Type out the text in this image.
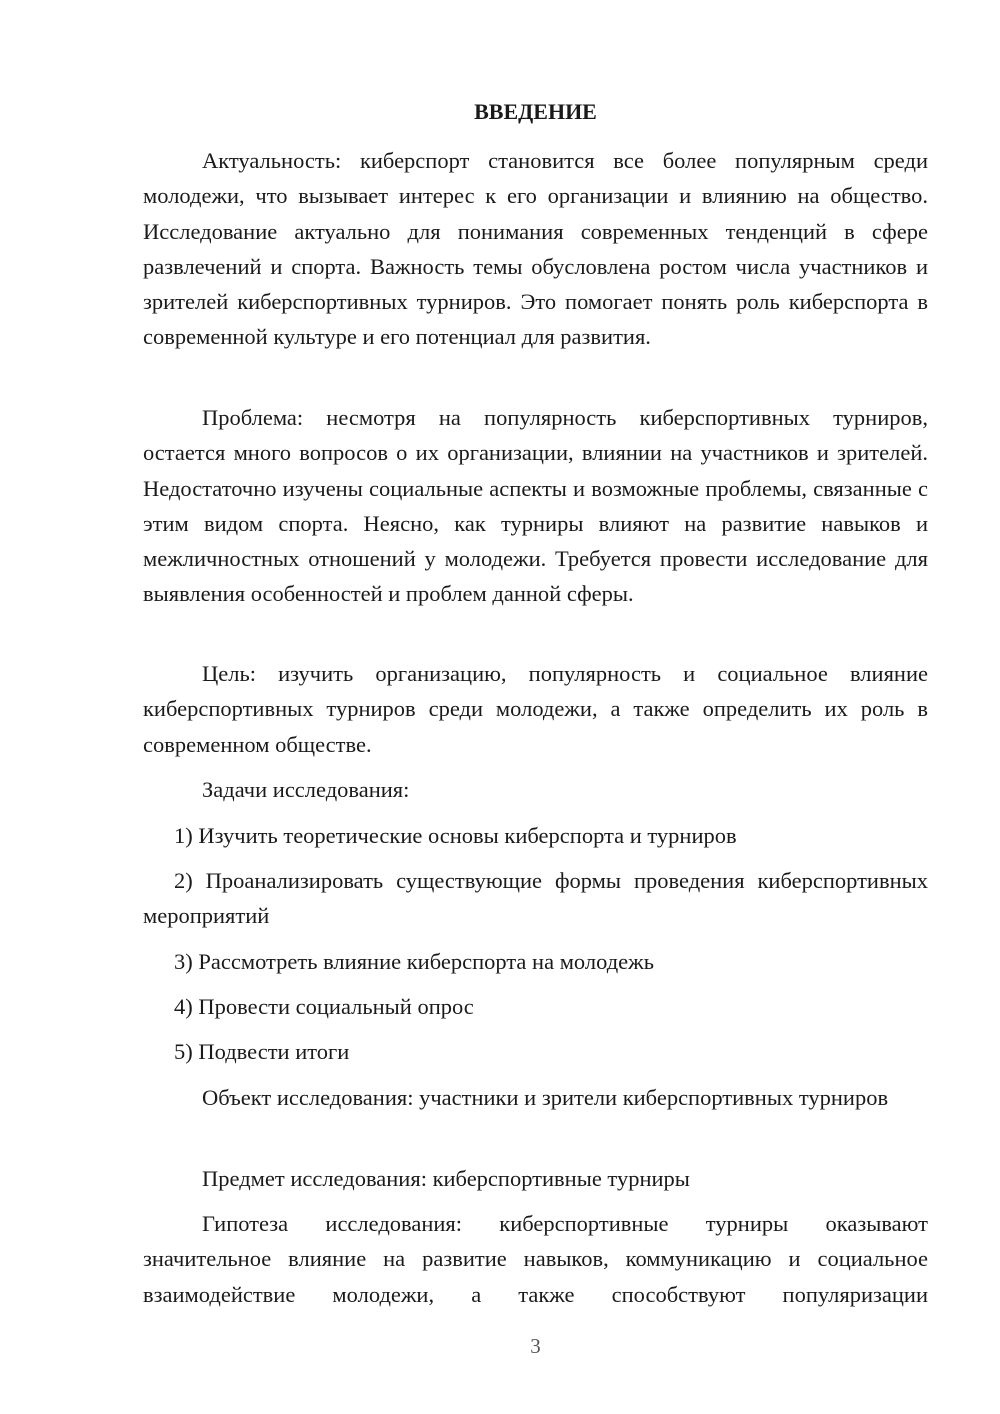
ВВЕДЕНИЕ

Актуальность: киберспорт становится все более популярным среди молодежи, что вызывает интерес к его организации и влиянию на общество. Исследование актуально для понимания современных тенденций в сфере развлечений и спорта. Важность темы обусловлена ростом числа участников и зрителей киберспортивных турниров. Это помогает понять роль киберспорта в современной культуре и его потенциал для развития.

Проблема: несмотря на популярность киберспортивных турниров, остается много вопросов о их организации, влиянии на участников и зрителей. Недостаточно изучены социальные аспекты и возможные проблемы, связанные с этим видом спорта. Неясно, как турниры влияют на развитие навыков и межличностных отношений у молодежи. Требуется провести исследование для выявления особенностей и проблем данной сферы.

Цель: изучить организацию, популярность и социальное влияние киберспортивных турниров среди молодежи, а также определить их роль в современном обществе.

Задачи исследования:

1) Изучить теоретические основы киберспорта и турниров

2) Проанализировать существующие формы проведения киберспортивных мероприятий

3) Рассмотреть влияние киберспорта на молодежь

4) Провести социальный опрос

5) Подвести итоги

Объект исследования: участники и зрители киберспортивных турниров

Предмет исследования: киберспортивные турниры

Гипотеза исследования: киберспортивные турниры оказывают значительное влияние на развитие навыков, коммуникацию и социальное взаимодействие молодежи, а также способствуют популяризации

3
